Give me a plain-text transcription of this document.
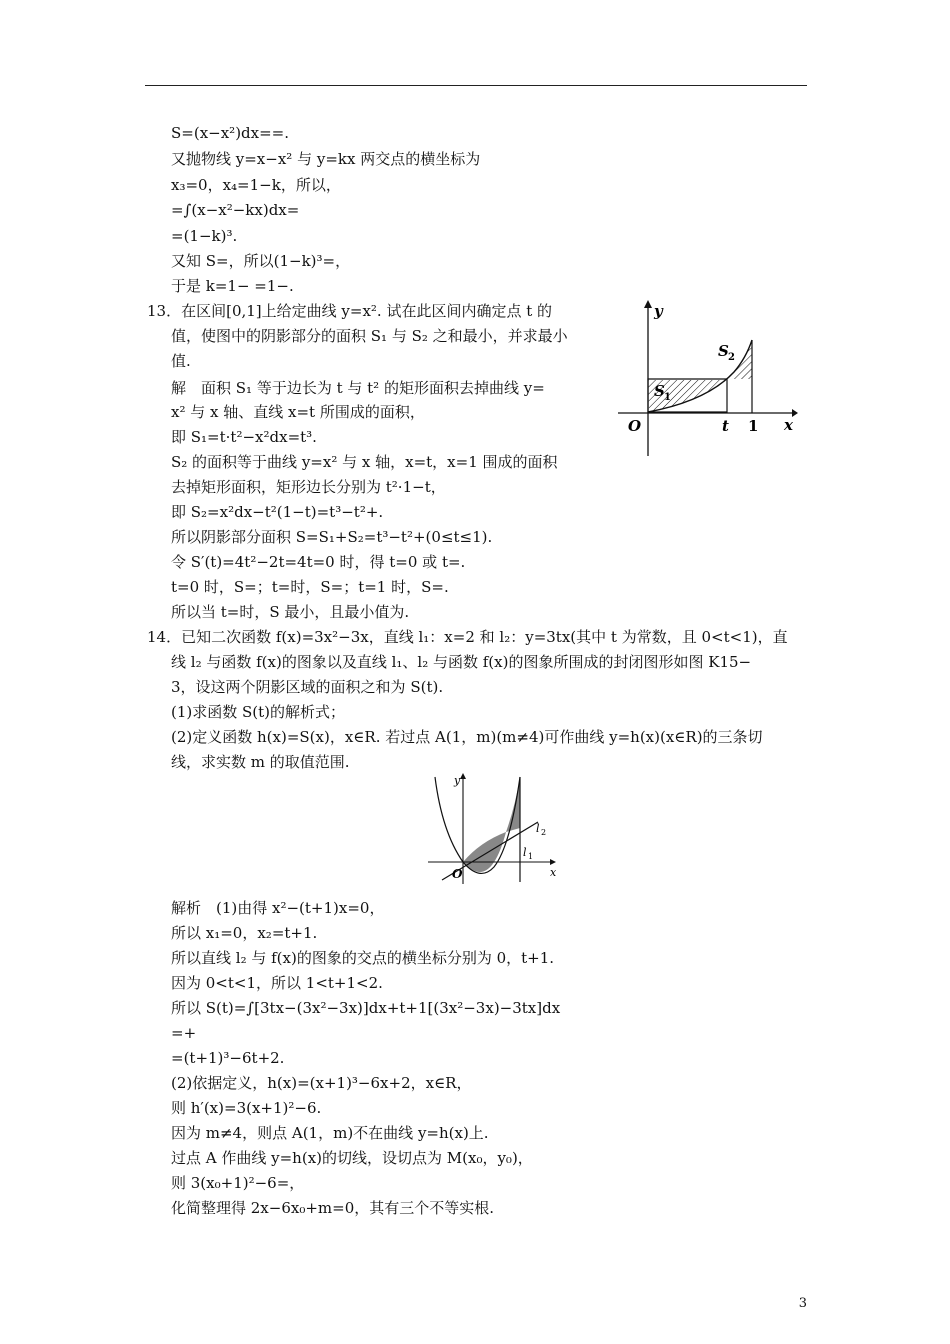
S=(x−x²)dx==.
又抛物线 y=x−x² 与 y=kx 两交点的横坐标为
x₃=0，x₄=1−k，所以，
=∫(x−x²−kx)dx=
=(1−k)³.
又知 S=，所以(1−k)³=，
于是 k=1− =1−.
13．在区间[0,1]上给定曲线 y=x². 试在此区间内确定点 t 的
值，使图中的阴影部分的面积 S₁ 与 S₂ 之和最小，并求最小
值.
解　面积 S₁ 等于边长为 t 与 t² 的矩形面积去掉曲线 y=
x² 与 x 轴、直线 x=t 所围成的面积，
即 S₁=t·t²−x²dx=t³.
S₂ 的面积等于曲线 y=x² 与 x 轴，x=t，x=1 围成的面积
去掉矩形面积，矩形边长分别为 t²·1−t，
即 S₂=x²dx−t²(1−t)=t³−t²+.
所以阴影部分面积 S=S₁+S₂=t³−t²+(0≤t≤1).
令 S′(t)=4t²−2t=4t=0 时，得 t=0 或 t=.
t=0 时，S=；t=时，S=；t=1 时，S=.
所以当 t=时，S 最小，且最小值为.
14．已知二次函数 f(x)=3x²−3x，直线 l₁：x=2 和 l₂：y=3tx(其中 t 为常数，且 0<t<1)，直
线 l₂ 与函数 f(x)的图象以及直线 l₁、l₂ 与函数 f(x)的图象所围成的封闭图形如图 K15−
3，设这两个阴影区域的面积之和为 S(t).
(1)求函数 S(t)的解析式；
(2)定义函数 h(x)=S(x)，x∈R. 若过点 A(1，m)(m≠4)可作曲线 y=h(x)(x∈R)的三条切
线，求实数 m 的取值范围.
解析　(1)由得 x²−(t+1)x=0，
所以 x₁=0，x₂=t+1.
所以直线 l₂ 与 f(x)的图象的交点的横坐标分别为 0，t+1.
因为 0<t<1，所以 1<t+1<2.
所以 S(t)=∫[3tx−(3x²−3x)]dx+t+1[(3x²−3x)−3tx]dx
=+
=(t+1)³−6t+2.
(2)依据定义，h(x)=(x+1)³−6x+2，x∈R，
则 h′(x)=3(x+1)²−6.
因为 m≠4，则点 A(1，m)不在曲线 y=h(x)上.
过点 A 作曲线 y=h(x)的切线，设切点为 M(x₀，y₀)，
则 3(x₀+1)²−6=，
化简整理得 2x−6x₀+m=0，其有三个不等实根.
y
x
O	t 1
S 1
S 2
y
x
O
l 2
l 1
3
